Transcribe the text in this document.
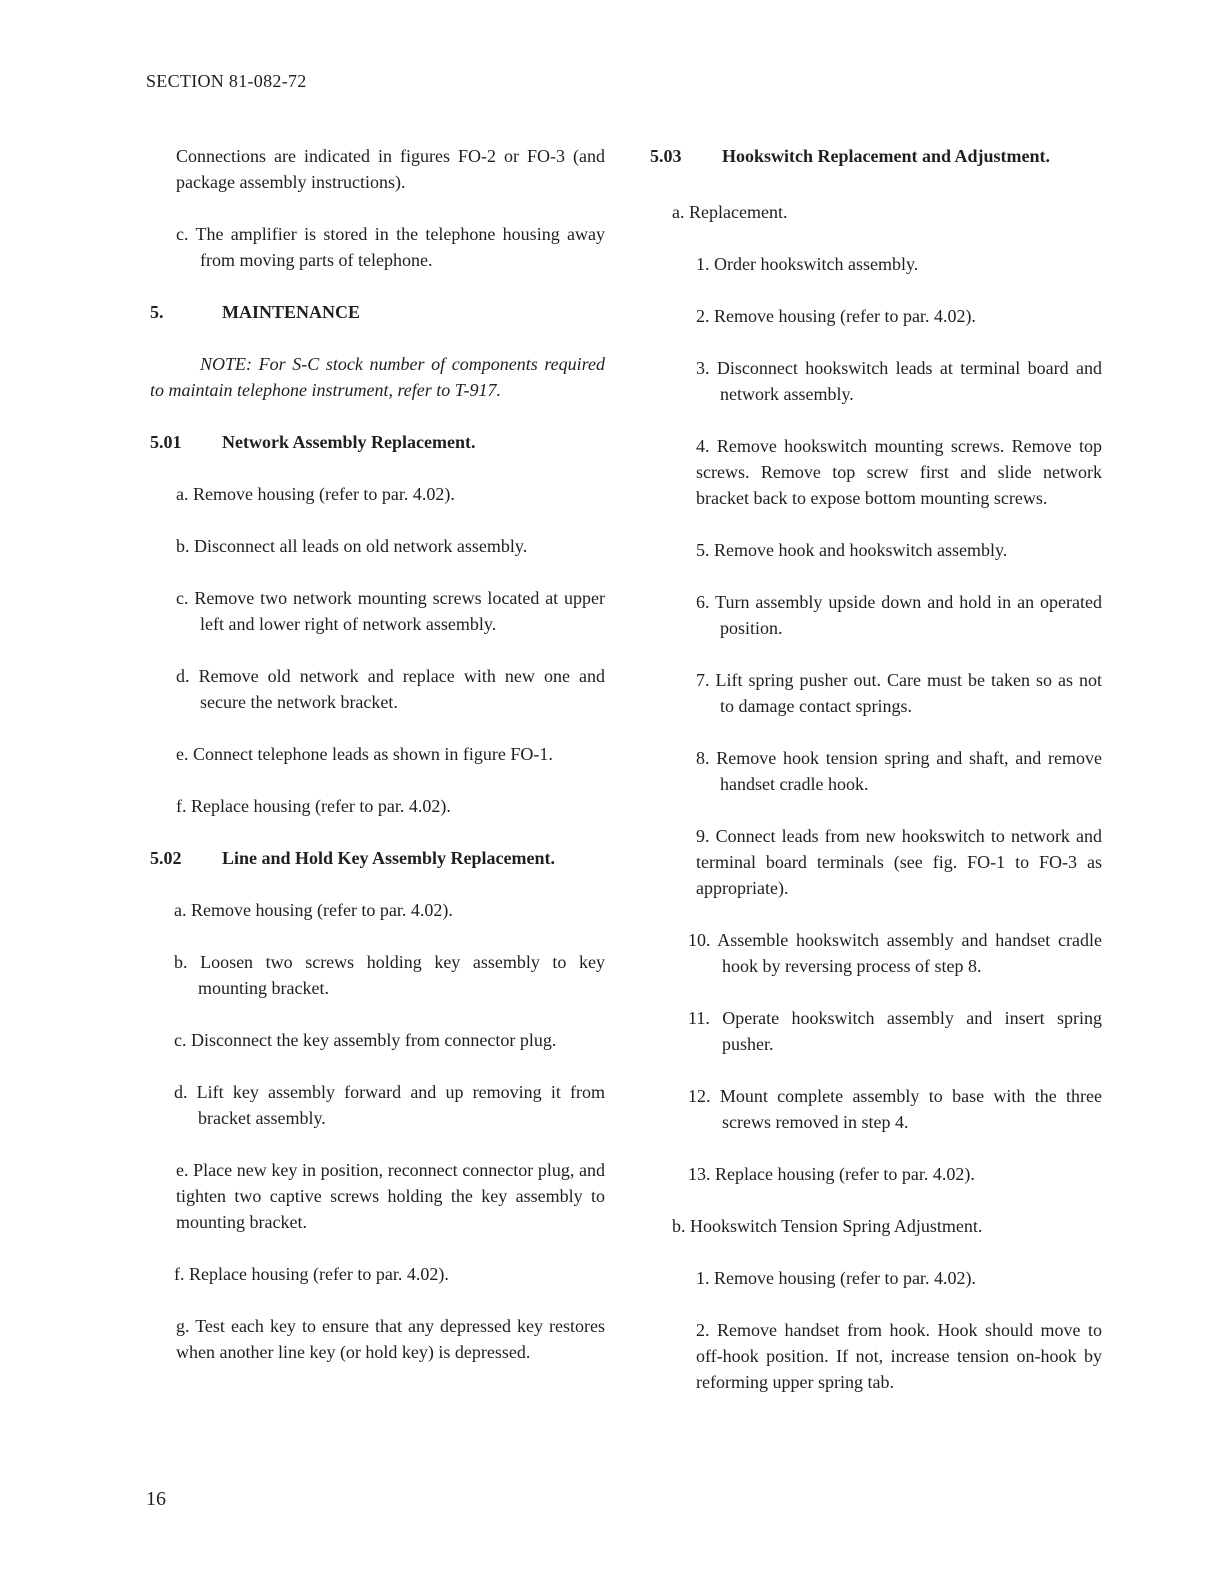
SECTION 81-082-72

Connections are indicated in figures FO-2 or FO-3 (and package assembly instructions).

c. The amplifier is stored in the telephone housing away from moving parts of telephone.

5.	MAINTENANCE

NOTE: For S-C stock number of components required to maintain telephone instrument, refer to T-917.

5.01	Network Assembly Replacement.

a. Remove housing (refer to par. 4.02).

b. Disconnect all leads on old network assembly.

c. Remove two network mounting screws located at upper left and lower right of network assembly.

d. Remove old network and replace with new one and secure the network bracket.

e. Connect telephone leads as shown in figure FO-1.

f. Replace housing (refer to par. 4.02).

5.02	Line and Hold Key Assembly Replacement.

a. Remove housing (refer to par. 4.02).

b. Loosen two screws holding key assembly to key mounting bracket.

c. Disconnect the key assembly from connector plug.

d. Lift key assembly forward and up removing it from bracket assembly.

e. Place new key in position, reconnect connector plug, and tighten two captive screws holding the key assembly to mounting bracket.

f. Replace housing (refer to par. 4.02).

g. Test each key to ensure that any depressed key restores when another line key (or hold key) is depressed.

5.03	Hookswitch Replacement and Adjustment.

a. Replacement.

1. Order hookswitch assembly.

2. Remove housing (refer to par. 4.02).

3. Disconnect hookswitch leads at terminal board and network assembly.

4. Remove hookswitch mounting screws. Remove top screws. Remove top screw first and slide network bracket back to expose bottom mounting screws.

5. Remove hook and hookswitch assembly.

6. Turn assembly upside down and hold in an operated position.

7. Lift spring pusher out. Care must be taken so as not to damage contact springs.

8. Remove hook tension spring and shaft, and remove handset cradle hook.

9. Connect leads from new hookswitch to network and terminal board terminals (see fig. FO-1 to FO-3 as appropriate).

10. Assemble hookswitch assembly and handset cradle hook by reversing process of step 8.

11. Operate hookswitch assembly and insert spring pusher.

12. Mount complete assembly to base with the three screws removed in step 4.

13. Replace housing (refer to par. 4.02).

b. Hookswitch Tension Spring Adjustment.

1. Remove housing (refer to par. 4.02).

2. Remove handset from hook. Hook should move to off-hook position. If not, increase tension on-hook by reforming upper spring tab.

16
